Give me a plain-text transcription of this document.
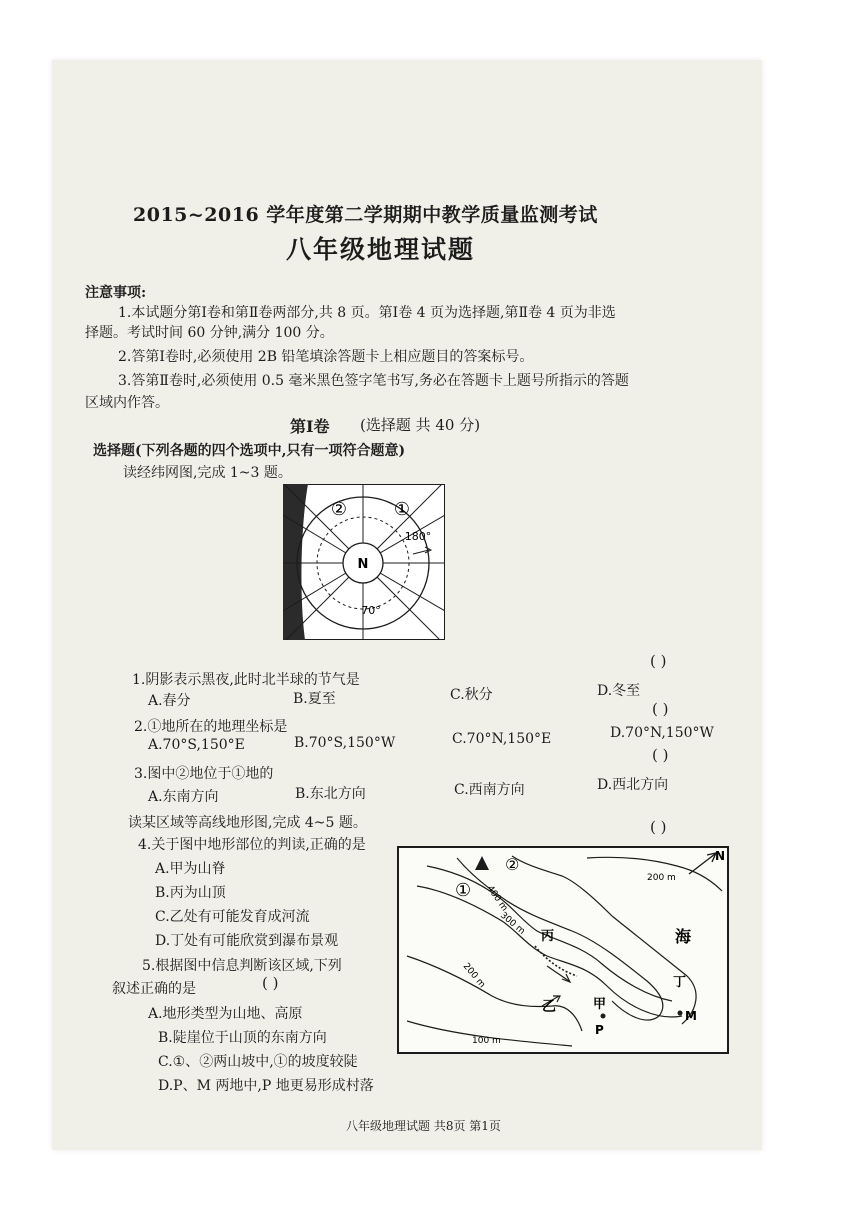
2015~2016 学年度第二学期期中教学质量监测考试
八年级地理试题
注意事项:
1.本试题分第Ⅰ卷和第Ⅱ卷两部分,共 8 页。第Ⅰ卷 4 页为选择题,第Ⅱ卷 4 页为非选
择题。考试时间 60 分钟,满分 100 分。
2.答第Ⅰ卷时,必须使用 2B 铅笔填涂答题卡上相应题目的答案标号。
3.答第Ⅱ卷时,必须使用 0.5 毫米黑色签字笔书写,务必在答题卡上题号所指示的答题
区域内作答。
第Ⅰ卷 (选择题 共 40 分)
选择题(下列各题的四个选项中,只有一项符合题意)
读经纬网图,完成 1~3 题。
N
②	①
180°
70°
1.阴影表示黑夜,此时北半球的节气是
( )
A.春分	B.夏至	C.秋分	D.冬至
2.①地所在的地理坐标是
( )
A.70°S,150°E	B.70°S,150°W	C.70°N,150°E	D.70°N,150°W
3.图中②地位于①地的
( )
A.东南方向	B.东北方向	C.西南方向	D.西北方向
读某区域等高线地形图,完成 4~5 题。
4.关于图中地形部位的判读,正确的是
( )
A.甲为山脊
B.丙为山顶
C.乙处有可能发育成河流
D.丁处有可能欣赏到瀑布景观
5.根据图中信息判断该区域,下列
叙述正确的是	( )
A.地形类型为山地、高原
B.陡崖位于山顶的东南方向
C.①、②两山坡中,①的坡度较陡
D.P、M 两地中,P 地更易形成村落
N
海
②
①
丙
乙	甲
丁
P
M
200 m
400 m
300 m
200 m
100 m
八年级地理试题 共8页 第1页
